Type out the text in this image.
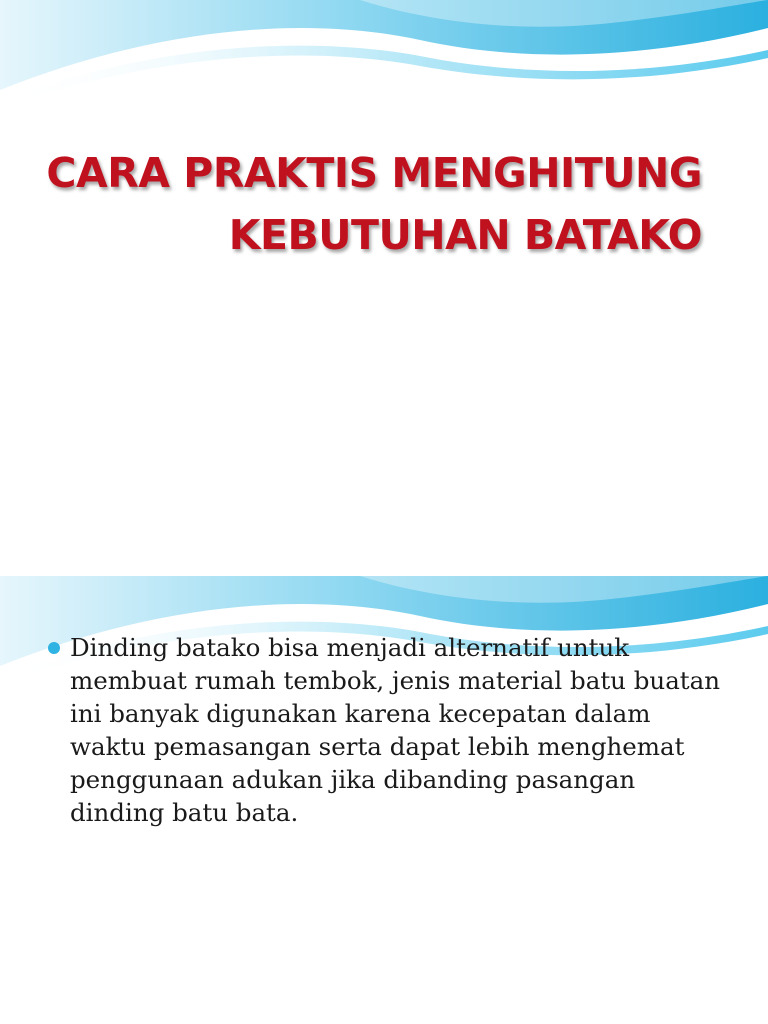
CARA PRAKTIS MENGHITUNG
KEBUTUHAN BATAKO
Dinding batako bisa menjadi alternatif untuk membuat rumah tembok, jenis material batu buatan ini banyak digunakan karena kecepatan dalam waktu pemasangan serta dapat lebih menghemat penggunaan adukan jika dibanding pasangan dinding batu bata.
